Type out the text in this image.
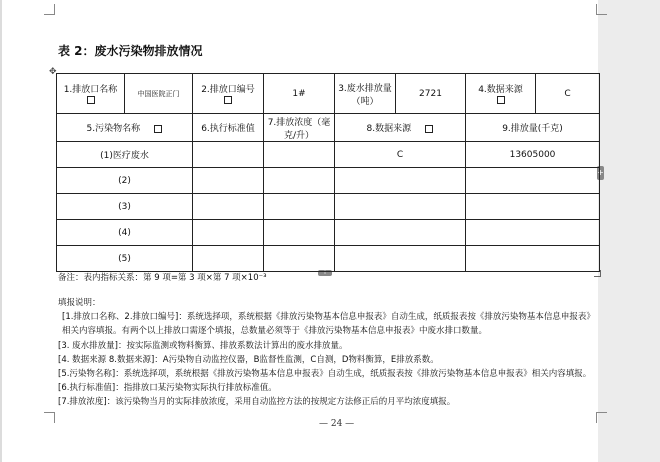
表 2：废水污染物排放情况
✥
+
+
1.排放口名称	中国医院正门	2.排放口编号	1#	3.废水排放量（吨）	2721	4.数据来源	C
5.污染物名称		6.执行标准值	7.排放浓度（毫克/升）	8.数据来源		9.排放量(千克)	
(1)医疗废水				C		13605000	
(2)							
(3)							
(4)							
(5)							
备注：表内指标关系：第 9 项=第 3 项×第 7 项×10⁻³

填报说明：

[1.排放口名称、2.排放口编号]：系统选择项，系统根据《排放污染物基本信息申报表》自动生成，纸质报表按《排放污染物基本信息申报表》相关内容填报。有两个以上排放口需逐个填报，总数量必须等于《排放污染物基本信息申报表》中废水排口数量。

[3. 废水排放量]：按实际监测或物料衡算、排放系数法计算出的废水排放量。

[4. 数据来源 8.数据来源]：A污染物自动监控仪器，B监督性监测，C自测，D物料衡算，E排放系数。

[5.污染物名称]：系统选择项，系统根据《排放污染物基本信息申报表》自动生成，纸质报表按《排放污染物基本信息申报表》相关内容填报。

[6.执行标准值]：指排放口某污染物实际执行排放标准值。

[7.排放浓度]：该污染物当月的实际排放浓度，采用自动监控方法的按规定方法修正后的月平均浓度填报。

— 24 —
